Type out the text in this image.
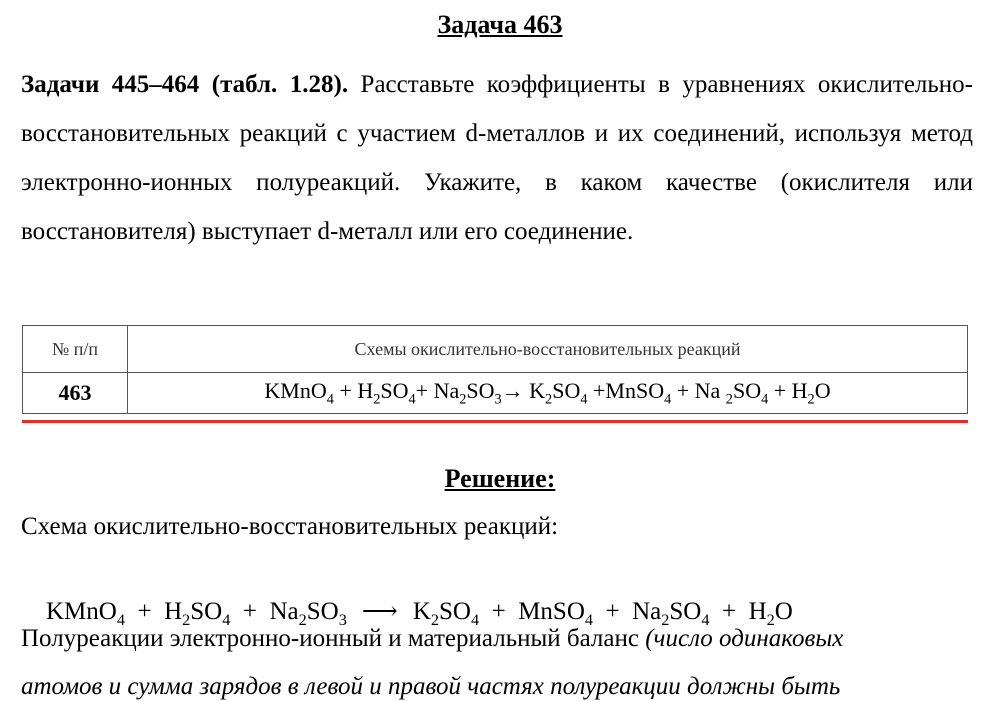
Задача 463
Задачи 445–464 (табл. 1.28). Расставьте коэффициенты в уравнениях окислительно-восстановительных реакций с участием d-металлов и их соединений, используя метод электронно-ионных полуреакций. Укажите, в каком качестве (окислителя или восстановителя) выступает d-металл или его соединение.
№ п/п	Схемы окислительно-восстановительных реакций
463	KMnO$_4$ + $H_2SO_4+ Na_2SO_3\to K_2SO_4$ +MnSO$_4$ + Na $_2SO_4 + H_2O$
Решение:
Схема окислительно-восстановительных реакций:

KMnO$_4$  +  $H_2SO_4 + Na_2SO_3$ ⟶ $K_2SO_4$  +  MnSO$_4$  +  $Na_2SO_4 + H_2O$
Полуреакции электронно-ионный и материальный баланс (число одинаковых
атомов и сумма зарядов в левой и правой частях полуреакции должны быть
